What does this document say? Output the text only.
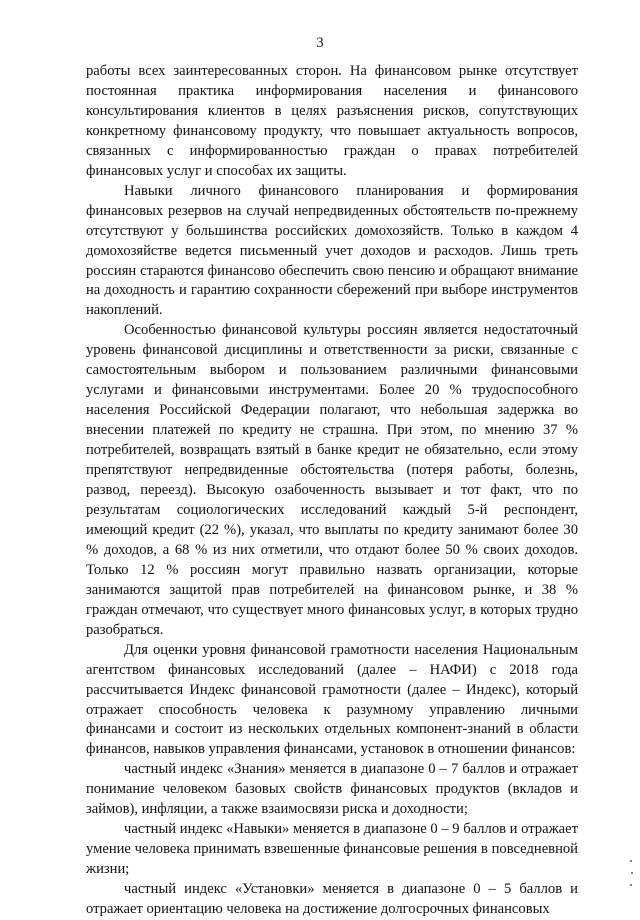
3

работы всех заинтересованных сторон. На финансовом рынке отсутствует постоянная практика информирования населения и финансового консультирования клиентов в целях разъяснения рисков, сопутствующих конкретному финансовому продукту, что повышает актуальность вопросов, связанных с информированностью граждан о правах потребителей финансовых услуг и способах их защиты.

Навыки личного финансового планирования и формирования финансовых резервов на случай непредвиденных обстоятельств по-прежнему отсутствуют у большинства российских домохозяйств. Только в каждом 4 домохозяйстве ведется письменный учет доходов и расходов. Лишь треть россиян стараются финансово обеспечить свою пенсию и обращают внимание на доходность и гарантию сохранности сбережений при выборе инструментов накоплений.

Особенностью финансовой культуры россиян является недостаточный уровень финансовой дисциплины и ответственности за риски, связанные с самостоятельным выбором и пользованием различными финансовыми услугами и финансовыми инструментами. Более 20 % трудоспособного населения Российской Федерации полагают, что небольшая задержка во внесении платежей по кредиту не страшна. При этом, по мнению 37 % потребителей, возвращать взятый в банке кредит не обязательно, если этому препятствуют непредвиденные обстоятельства (потеря работы, болезнь, развод, переезд). Высокую озабоченность вызывает и тот факт, что по результатам социологических исследований каждый 5-й респондент, имеющий кредит (22 %), указал, что выплаты по кредиту занимают более 30 % доходов, а 68 % из них отметили, что отдают более 50 % своих доходов. Только 12 % россиян могут правильно назвать организации, которые занимаются защитой прав потребителей на финансовом рынке, и 38 % граждан отмечают, что существует много финансовых услуг, в которых трудно разобраться.

Для оценки уровня финансовой грамотности населения Национальным агентством финансовых исследований (далее – НАФИ) с 2018 года рассчитывается Индекс финансовой грамотности (далее – Индекс), который отражает способность человека к разумному управлению личными финансами и состоит из нескольких отдельных компонент-знаний в области финансов, навыков управления финансами, установок в отношении финансов:

частный индекс «Знания» меняется в диапазоне 0 – 7 баллов и отражает понимание человеком базовых свойств финансовых продуктов (вкладов и займов), инфляции, а также взаимосвязи риска и доходности;

частный индекс «Навыки» меняется в диапазоне 0 – 9 баллов и отражает умение человека принимать взвешенные финансовые решения в повседневной жизни;

частный индекс «Установки» меняется в диапазоне 0 – 5 баллов и отражает ориентацию человека на достижение долгосрочных финансовых
